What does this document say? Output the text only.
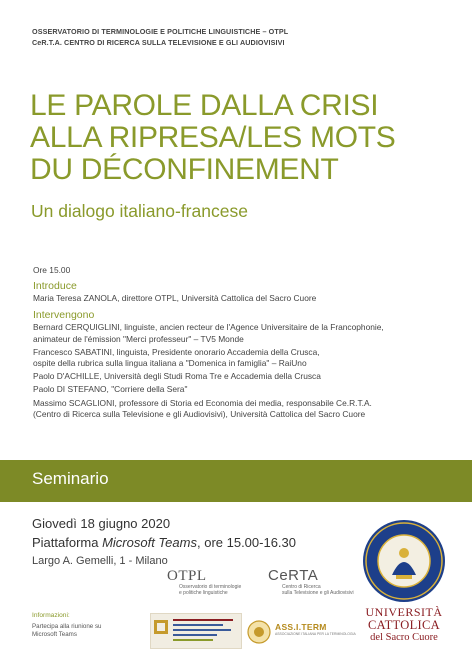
OSSERVATORIO DI TERMINOLOGIE E POLITICHE LINGUISTICHE – OTPL
CeR.T.A. CENTRO DI RICERCA SULLA TELEVISIONE E GLI AUDIOVISIVI
LE PAROLE DALLA CRISI
ALLA RIPRESA/LES MOTS
DU DÉCONFINEMENT
Un dialogo italiano-francese
Ore 15.00
Introduce
Maria Teresa ZANOLA, direttore OTPL, Università Cattolica del Sacro Cuore
Intervengono
Bernard CERQUIGLINI, linguiste, ancien recteur de l'Agence Universitaire de la Francophonie,
animateur de l'émission "Merci professeur" – TV5 Monde
Francesco SABATINI, linguista, Presidente onorario Accademia della Crusca,
ospite della rubrica sulla lingua italiana a "Domenica in famiglia" – RaiUno
Paolo D'ACHILLE, Università degli Studi Roma Tre e Accademia della Crusca
Paolo DI STEFANO, "Corriere della Sera"
Massimo SCAGLIONI, professore di Storia ed Economia dei media, responsabile Ce.R.T.A.
(Centro di Ricerca sulla Televisione e gli Audiovisivi), Università Cattolica del Sacro Cuore
Seminario
Giovedì 18 giugno 2020
Piattaforma Microsoft Teams, ore 15.00-16.30
Largo A. Gemelli, 1 - Milano
UNIVERSITÀ
CATTOLICA
del Sacro Cuore
OTPL
Osservatorio di terminologie
e politiche linguistiche
CeRTA
Centro di Ricerca
sulla Televisione e gli Audiovisivi
Informazioni:
Partecipa alla riunione su
Microsoft Teams
ASS.I.TERM
ASSOCIAZIONE ITALIANA PER LA TERMINOLOGIA
